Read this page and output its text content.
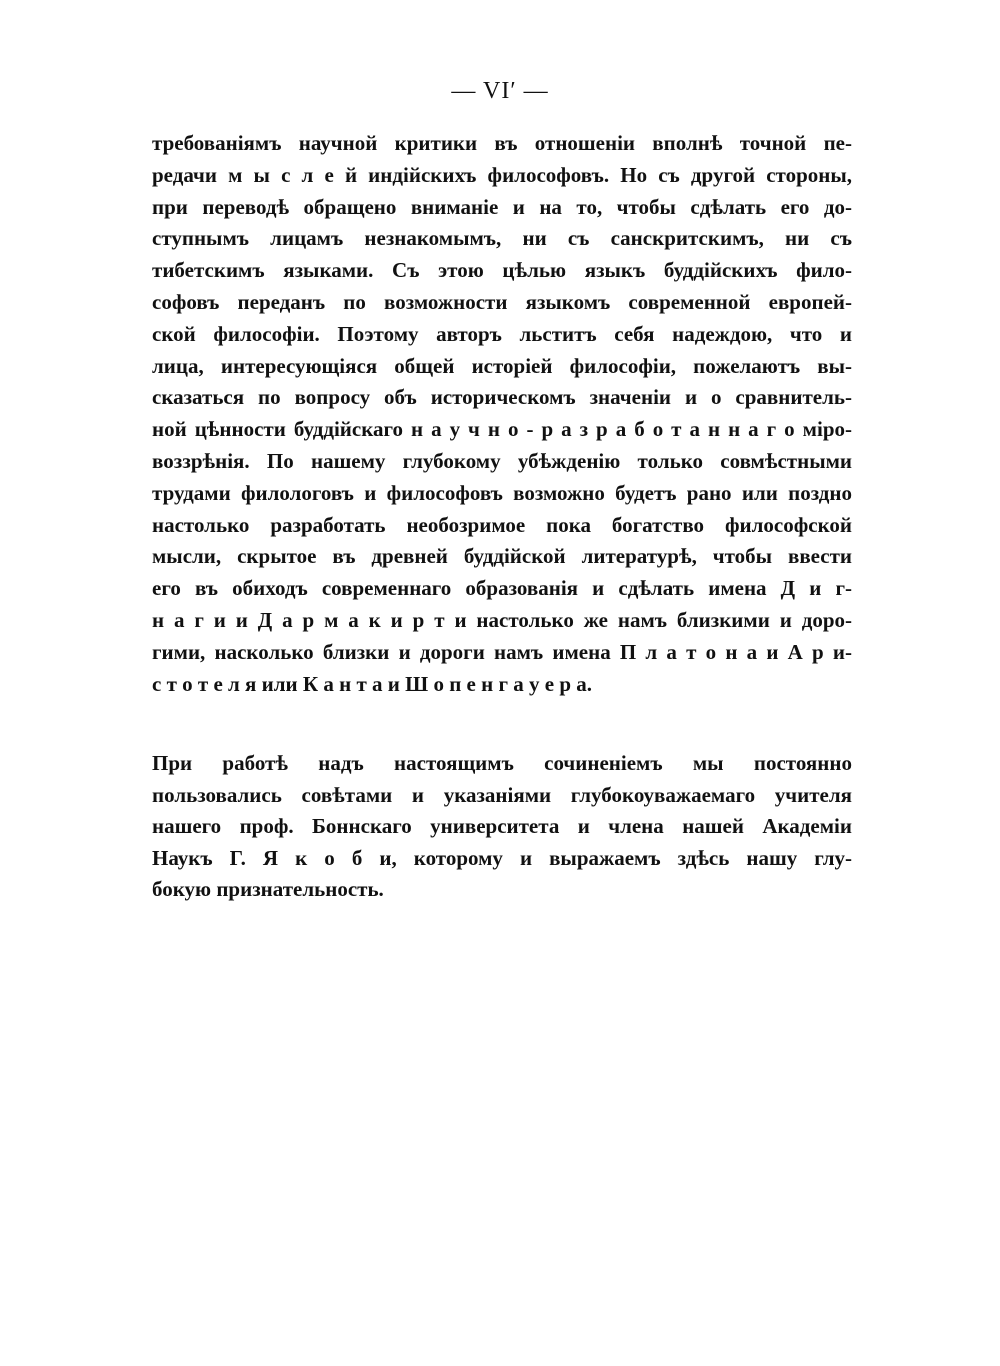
— VI′ —
требованіямъ научной критики въ отношеніи вполнѣ точной пе-
редачи м ы с л е й индійскихъ философовъ. Но съ другой стороны,
при переводѣ обращено вниманіе и на то, чтобы сдѣлать его до-
ступнымъ лицамъ незнакомымъ, ни съ санскритскимъ, ни съ
тибетскимъ языками. Съ этою цѣлью языкъ буддійскихъ фило-
софовъ переданъ по возможности языкомъ современной европей-
ской философіи. Поэтому авторъ льститъ себя надеждою, что и
лица, интересующіяся общей исторіей философіи, пожелаютъ вы-
сказаться по вопросу объ историческомъ значеніи и о сравнитель-
ной цѣнности буддійскаго н а у ч н о - р а з р а б о т а н н а г о міро-
воззрѣнія. По нашему глубокому убѣжденію только совмѣстными
трудами филологовъ и философовъ возможно будетъ рано или поздно
настолько разработать необозримое пока богатство философской
мысли, скрытое въ древней буддійской литературѣ, чтобы ввести
его въ обиходъ современнаго образованія и сдѣлать имена Д и г-
н а г и и Д а р м а к и р т и настолько же намъ близкими и доро-
гими, насколько близки и дороги намъ имена П л а т о н а и А р и-
с т о т е л я или К а н т а и Ш о п е н г а у е р а.
При работѣ надъ настоящимъ сочиненіемъ мы постоянно
пользовались совѣтами и указаніями глубокоуважаемаго учителя
нашего проф. Боннскаго университета и члена нашей Академіи
Наукъ Г. Я к о б и, которому и выражаемъ здѣсь нашу глу-
бокую признательность.
